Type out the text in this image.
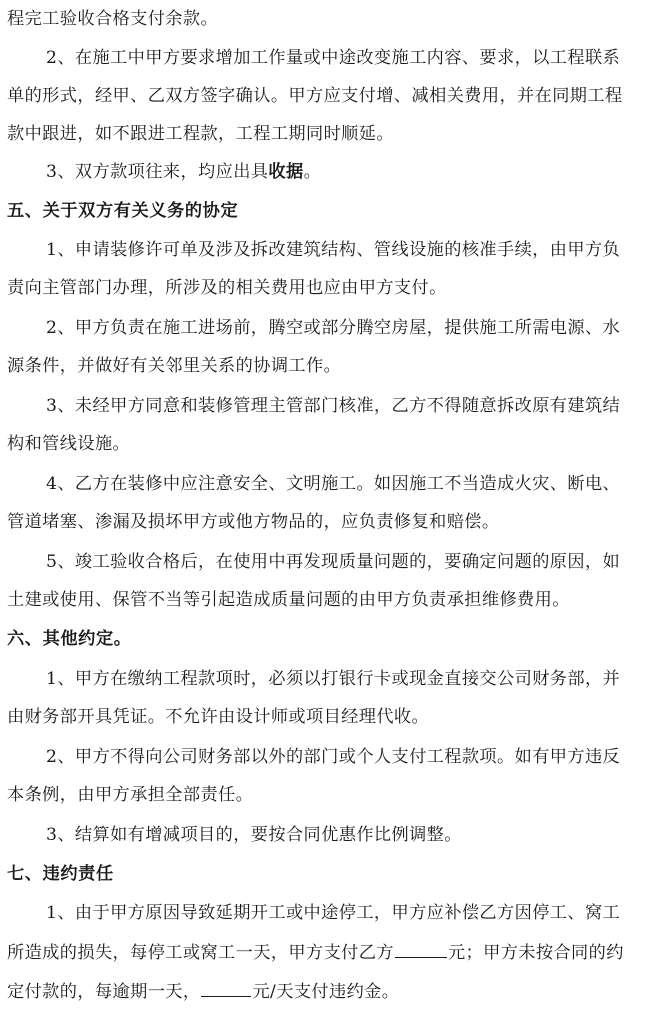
程完工验收合格支付余款。
2、在施工中甲方要求增加工作量或中途改变施工内容、要求，以工程联系
单的形式，经甲、乙双方签字确认。甲方应支付增、减相关费用，并在同期工程
款中跟进，如不跟进工程款，工程工期同时顺延。
3、双方款项往来，均应出具收据。
五、关于双方有关义务的协定
1、申请装修许可单及涉及拆改建筑结构、管线设施的核准手续，由甲方负
责向主管部门办理，所涉及的相关费用也应由甲方支付。
2、甲方负责在施工进场前，腾空或部分腾空房屋，提供施工所需电源、水
源条件，并做好有关邻里关系的协调工作。
3、未经甲方同意和装修管理主管部门核准，乙方不得随意拆改原有建筑结
构和管线设施。
4、乙方在装修中应注意安全、文明施工。如因施工不当造成火灾、断电、
管道堵塞、渗漏及损坏甲方或他方物品的，应负责修复和赔偿。
5、竣工验收合格后，在使用中再发现质量问题的，要确定问题的原因，如
土建或使用、保管不当等引起造成质量问题的由甲方负责承担维修费用。
六、其他约定。
1、甲方在缴纳工程款项时，必须以打银行卡或现金直接交公司财务部，并
由财务部开具凭证。不允许由设计师或项目经理代收。
2、甲方不得向公司财务部以外的部门或个人支付工程款项。如有甲方违反
本条例，由甲方承担全部责任。
3、结算如有增减项目的，要按合同优惠作比例调整。
七、违约责任
1、由于甲方原因导致延期开工或中途停工，甲方应补偿乙方因停工、窝工
所造成的损失，每停工或窝工一天，甲方支付乙方	元；甲方未按合同的约
定付款的，每逾期一天，	元/天支付违约金。
